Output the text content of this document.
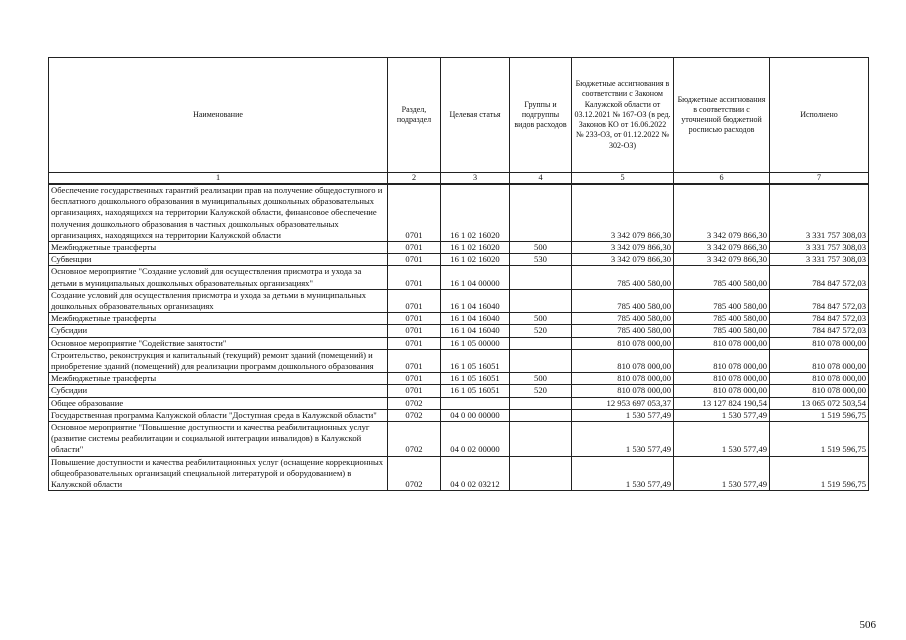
Наименование	Раздел, подраздел	Целевая статья	Группы и подгруппы видов расходов	Бюджетные ассигнования в соответствии с Законом Калужской области от 03.12.2021 № 167-ОЗ (в ред. Законов КО от 16.06.2022 № 233-ОЗ, от 01.12.2022 № 302-ОЗ)	Бюджетные ассигнования в соответствии с уточненной бюджетной росписью расходов	Исполнено
1	2	3	4	5	6	7
Обеспечение государственных гарантий реализации прав на получение общедоступного и бесплатного дошкольного образования в муниципальных дошкольных образовательных организациях, находящихся на территории Калужской области, финансовое обеспечение получения дошкольного образования в частных дошкольных образовательных организациях, находящихся на территории Калужской области	0701	16 1 02 16020		3 342 079 866,30	3 342 079 866,30	3 331 757 308,03
Межбюджетные трансферты	0701	16 1 02 16020	500	3 342 079 866,30	3 342 079 866,30	3 331 757 308,03
Субвенции	0701	16 1 02 16020	530	3 342 079 866,30	3 342 079 866,30	3 331 757 308,03
Основное мероприятие "Создание условий для осуществления присмотра и ухода за детьми в муниципальных дошкольных образовательных организациях"	0701	16 1 04 00000		785 400 580,00	785 400 580,00	784 847 572,03
Создание условий для осуществления присмотра и ухода за детьми в муниципальных дошкольных образовательных организациях	0701	16 1 04 16040		785 400 580,00	785 400 580,00	784 847 572,03
Межбюджетные трансферты	0701	16 1 04 16040	500	785 400 580,00	785 400 580,00	784 847 572,03
Субсидии	0701	16 1 04 16040	520	785 400 580,00	785 400 580,00	784 847 572,03
Основное мероприятие "Содействие занятости"	0701	16 1 05 00000		810 078 000,00	810 078 000,00	810 078 000,00
Строительство, реконструкция и капитальный (текущий) ремонт зданий (помещений) и приобретение зданий (помещений) для реализации программ дошкольного образования	0701	16 1 05 16051		810 078 000,00	810 078 000,00	810 078 000,00
Межбюджетные трансферты	0701	16 1 05 16051	500	810 078 000,00	810 078 000,00	810 078 000,00
Субсидии	0701	16 1 05 16051	520	810 078 000,00	810 078 000,00	810 078 000,00
Общее образование	0702			12 953 697 053,37	13 127 824 190,54	13 065 072 503,54
Государственная программа Калужской области "Доступная среда в Калужской области"	0702	04 0 00 00000		1 530 577,49	1 530 577,49	1 519 596,75
Основное мероприятие "Повышение доступности и качества реабилитационных услуг (развитие системы реабилитации и социальной интеграции инвалидов) в Калужской области"	0702	04 0 02 00000		1 530 577,49	1 530 577,49	1 519 596,75
Повышение доступности и качества реабилитационных услуг (оснащение коррекционных общеобразовательных организаций специальной литературой и оборудованием) в Калужской области	0702	04 0 02 03212		1 530 577,49	1 530 577,49	1 519 596,75
506
